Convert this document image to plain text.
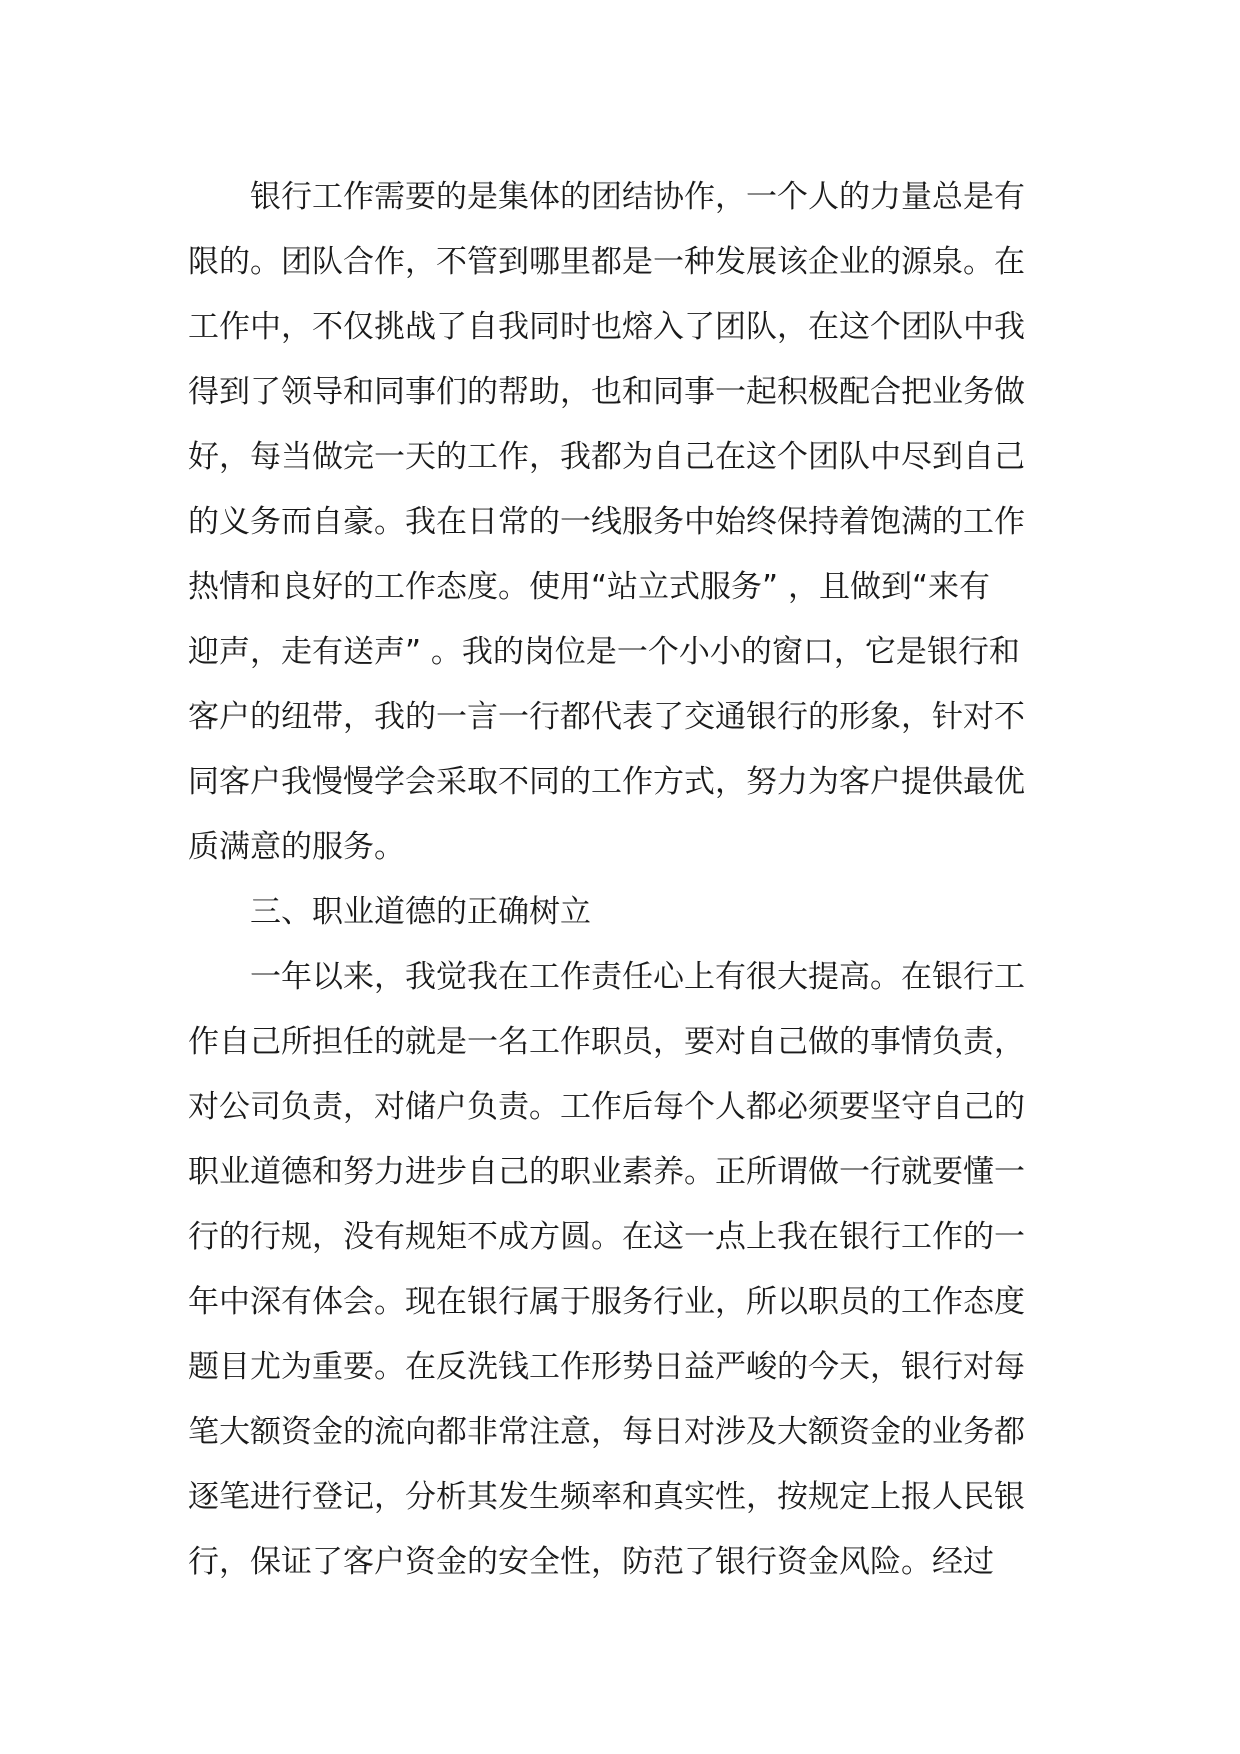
银行工作需要的是集体的团结协作，一个人的力量总是有
限的。团队合作，不管到哪里都是一种发展该企业的源泉。在
工作中，不仅挑战了自我同时也熔入了团队，在这个团队中我
得到了领导和同事们的帮助，也和同事一起积极配合把业务做
好，每当做完一天的工作，我都为自己在这个团队中尽到自己
的义务而自豪。我在日常的一线服务中始终保持着饱满的工作
热情和良好的工作态度。使用“站立式服务” ，且做到“来有
迎声，走有送声” 。我的岗位是一个小小的窗口，它是银行和
客户的纽带，我的一言一行都代表了交通银行的形象，针对不
同客户我慢慢学会采取不同的工作方式，努力为客户提供最优
质满意的服务。
三、职业道德的正确树立
一年以来，我觉我在工作责任心上有很大提高。在银行工
作自己所担任的就是一名工作职员，要对自己做的事情负责，
对公司负责，对储户负责。工作后每个人都必须要坚守自己的
职业道德和努力进步自己的职业素养。正所谓做一行就要懂一
行的行规，没有规矩不成方圆。在这一点上我在银行工作的一
年中深有体会。现在银行属于服务行业，所以职员的工作态度
题目尤为重要。在反洗钱工作形势日益严峻的今天，银行对每
笔大额资金的流向都非常注意，每日对涉及大额资金的业务都
逐笔进行登记，分析其发生频率和真实性，按规定上报人民银
行，保证了客户资金的安全性，防范了银行资金风险。经过
